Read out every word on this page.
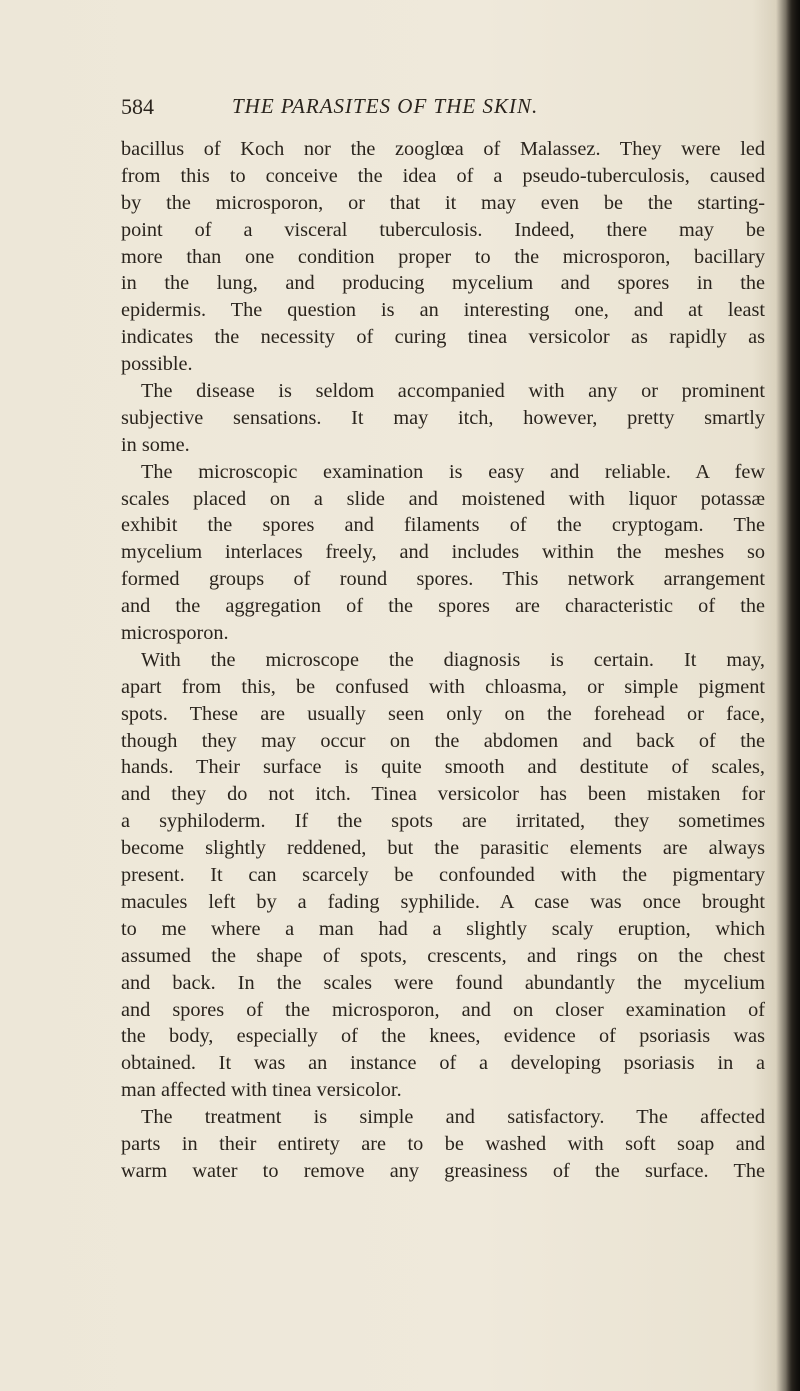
584	THE PARASITES OF THE SKIN.
bacillus of Koch nor the zooglœa of Malassez. They were led
from this to conceive the idea of a pseudo-tuberculosis, caused
by the microsporon, or that it may even be the starting-
point of a visceral tuberculosis. Indeed, there may be
more than one condition proper to the microsporon, bacillary
in the lung, and producing mycelium and spores in the
epidermis. The question is an interesting one, and at least
indicates the necessity of curing tinea versicolor as rapidly as
possible.
The disease is seldom accompanied with any or prominent
subjective sensations. It may itch, however, pretty smartly
in some.
The microscopic examination is easy and reliable. A few
scales placed on a slide and moistened with liquor potassæ
exhibit the spores and filaments of the cryptogam. The
mycelium interlaces freely, and includes within the meshes so
formed groups of round spores. This network arrangement
and the aggregation of the spores are characteristic of the
microsporon.
With the microscope the diagnosis is certain. It may,
apart from this, be confused with chloasma, or simple pigment
spots. These are usually seen only on the forehead or face,
though they may occur on the abdomen and back of the
hands. Their surface is quite smooth and destitute of scales,
and they do not itch. Tinea versicolor has been mistaken for
a syphiloderm. If the spots are irritated, they sometimes
become slightly reddened, but the parasitic elements are always
present. It can scarcely be confounded with the pigmentary
macules left by a fading syphilide. A case was once brought
to me where a man had a slightly scaly eruption, which
assumed the shape of spots, crescents, and rings on the chest
and back. In the scales were found abundantly the mycelium
and spores of the microsporon, and on closer examination of
the body, especially of the knees, evidence of psoriasis was
obtained. It was an instance of a developing psoriasis in a
man affected with tinea versicolor.
The treatment is simple and satisfactory. The affected
parts in their entirety are to be washed with soft soap and
warm water to remove any greasiness of the surface. The
